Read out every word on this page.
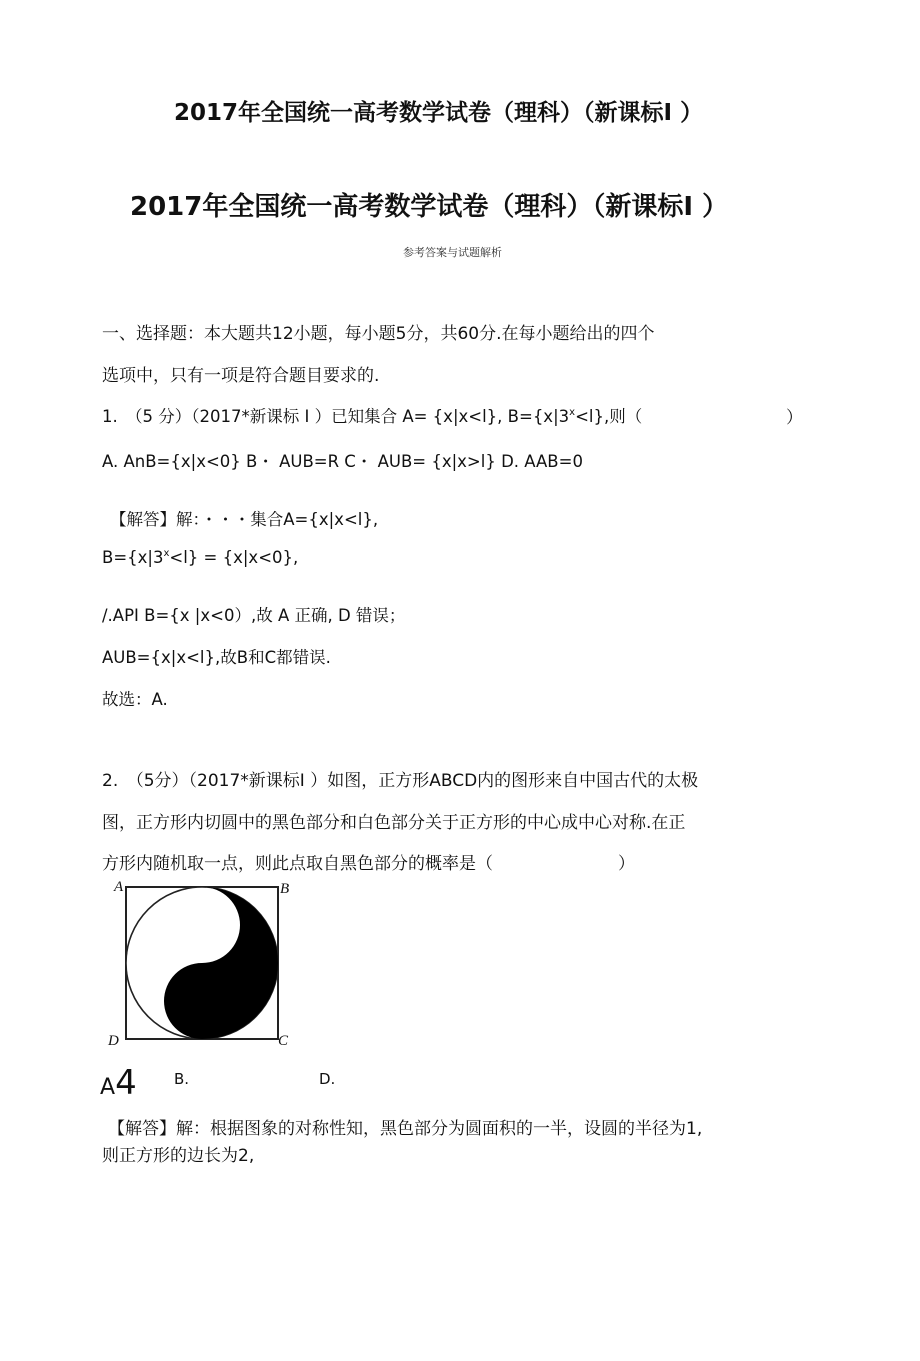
2017年全国统一高考数学试卷（理科）（新课标I ）
2017年全国统一高考数学试卷（理科）（新课标I ）
参考答案与试题解析
一、选择题：本大题共12小题，每小题5分，共60分.在每小题给出的四个
选项中，只有一项是符合题目要求的.
1.　（5 分）（2017*新课标 I ）已知集合 A= {x|x<l}, $B=\{x|3^x<l\}$,则（	）
A. AnB={x|x<0} B・ AUB=R C・ AUB= {x|x>l} D. AAB=0
【解答】解：・・・集合A={x|x<l},
$B=\{x|3^x<l\} = \{x|x<0\}$,
/.API B={x |x<0）,故 A 正确, D 错误；
AUB={x|x<l},故B和C都错误.
故选：A.
2.　（5分）（2017*新课标I ）如图，正方形ABCD内的图形来自中国古代的太极
图，正方形内切圆中的黑色部分和白色部分关于正方形的中心成中心对称.在正
方形内随机取一点，则此点取自黑色部分的概率是（	）
A	B
C
D
A4 B.	D.
【解答】解：根据图象的对称性知，黑色部分为圆面积的一半，设圆的半径为1,
则正方形的边长为2,
